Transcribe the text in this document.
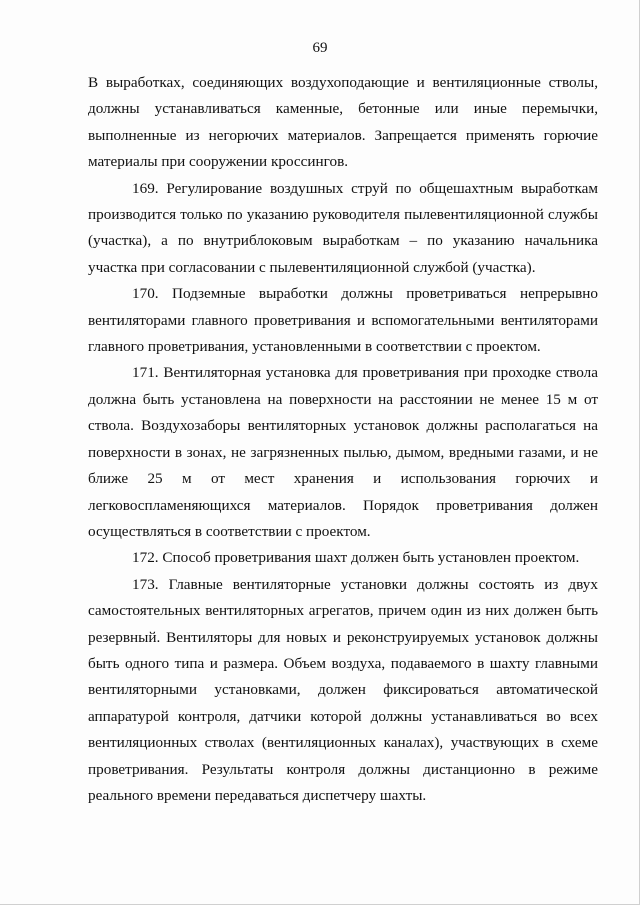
69

В выработках, соединяющих воздухоподающие и вентиляционные стволы, должны устанавливаться каменные, бетонные или иные перемычки, выполненные из негорючих материалов. Запрещается применять горючие материалы при сооружении кроссингов.

169. Регулирование воздушных струй по общешахтным выработкам производится только по указанию руководителя пылевентиляционной службы (участка), а по внутриблоковым выработкам – по указанию начальника участка при согласовании с пылевентиляционной службой (участка).

170. Подземные выработки должны проветриваться непрерывно вентиляторами главного проветривания и вспомогательными вентиляторами главного проветривания, установленными в соответствии с проектом.

171. Вентиляторная установка для проветривания при проходке ствола должна быть установлена на поверхности на расстоянии не менее 15 м от ствола. Воздухозаборы вентиляторных установок должны располагаться на поверхности в зонах, не загрязненных пылью, дымом, вредными газами, и не ближе 25 м от мест хранения и использования горючих и легковоспламеняющихся материалов. Порядок проветривания должен осуществляться в соответствии с проектом.

172. Способ проветривания шахт должен быть установлен проектом.

173. Главные вентиляторные установки должны состоять из двух самостоятельных вентиляторных агрегатов, причем один из них должен быть резервный. Вентиляторы для новых и реконструируемых установок должны быть одного типа и размера. Объем воздуха, подаваемого в шахту главными вентиляторными установками, должен фиксироваться автоматической аппаратурой контроля, датчики которой должны устанавливаться во всех вентиляционных стволах (вентиляционных каналах), участвующих в схеме проветривания. Результаты контроля должны дистанционно в режиме реального времени передаваться диспетчеру шахты.
